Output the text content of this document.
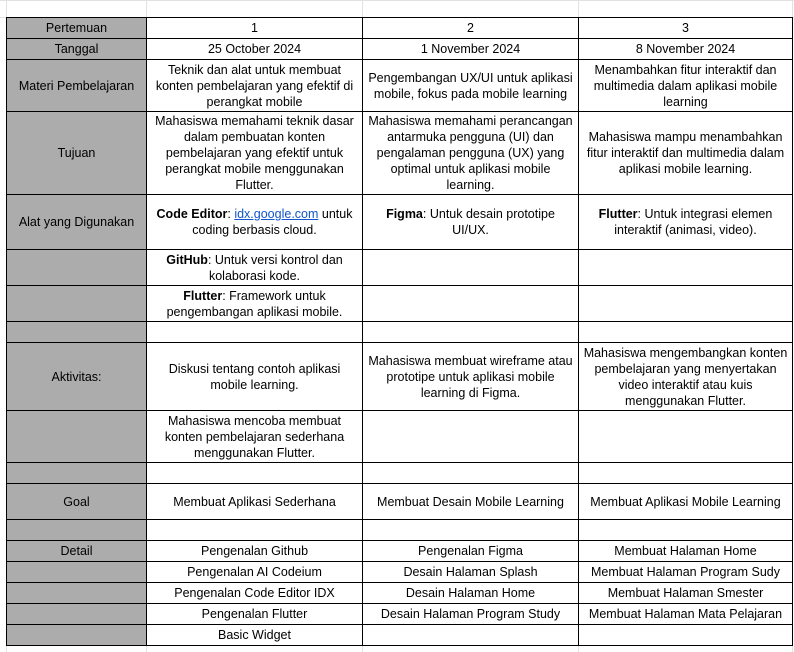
Pertemuan	1	2	3
Tanggal	25 October 2024	1 November 2024	8 November 2024
Materi Pembelajaran	Teknik dan alat untuk membuat konten pembelajaran yang efektif di perangkat mobile	Pengembangan UX/UI untuk aplikasi mobile, fokus pada mobile learning	Menambahkan fitur interaktif dan multimedia dalam aplikasi mobile learning
Tujuan	Mahasiswa memahami teknik dasar dalam pembuatan konten pembelajaran yang efektif untuk perangkat mobile menggunakan Flutter.	Mahasiswa memahami perancangan antarmuka pengguna (UI) dan pengalaman pengguna (UX) yang optimal untuk aplikasi mobile learning.	Mahasiswa mampu menambahkan fitur interaktif dan multimedia dalam aplikasi mobile learning.
Alat yang Digunakan	Code Editor: idx.google.com untuk coding berbasis cloud.	Figma: Untuk desain prototipe UI/UX.	Flutter: Untuk integrasi elemen interaktif (animasi, video).
	GitHub: Untuk versi kontrol dan kolaborasi kode.		
	Flutter: Framework untuk pengembangan aplikasi mobile.		

Aktivitas:	Diskusi tentang contoh aplikasi mobile learning.	Mahasiswa membuat wireframe atau prototipe untuk aplikasi mobile learning di Figma.	Mahasiswa mengembangkan konten pembelajaran yang menyertakan video interaktif atau kuis menggunakan Flutter.
	Mahasiswa mencoba membuat konten pembelajaran sederhana menggunakan Flutter.		

Goal	Membuat Aplikasi Sederhana	Membuat Desain Mobile Learning	Membuat Aplikasi Mobile Learning

Detail	Pengenalan Github	Pengenalan Figma	Membuat Halaman Home
	Pengenalan AI Codeium	Desain Halaman Splash	Membuat Halaman Program Sudy
	Pengenalan Code Editor IDX	Desain Halaman Home	Membuat Halaman Smester
	Pengenalan Flutter	Desain Halaman Program Study	Membuat Halaman Mata Pelajaran
	Basic Widget		
